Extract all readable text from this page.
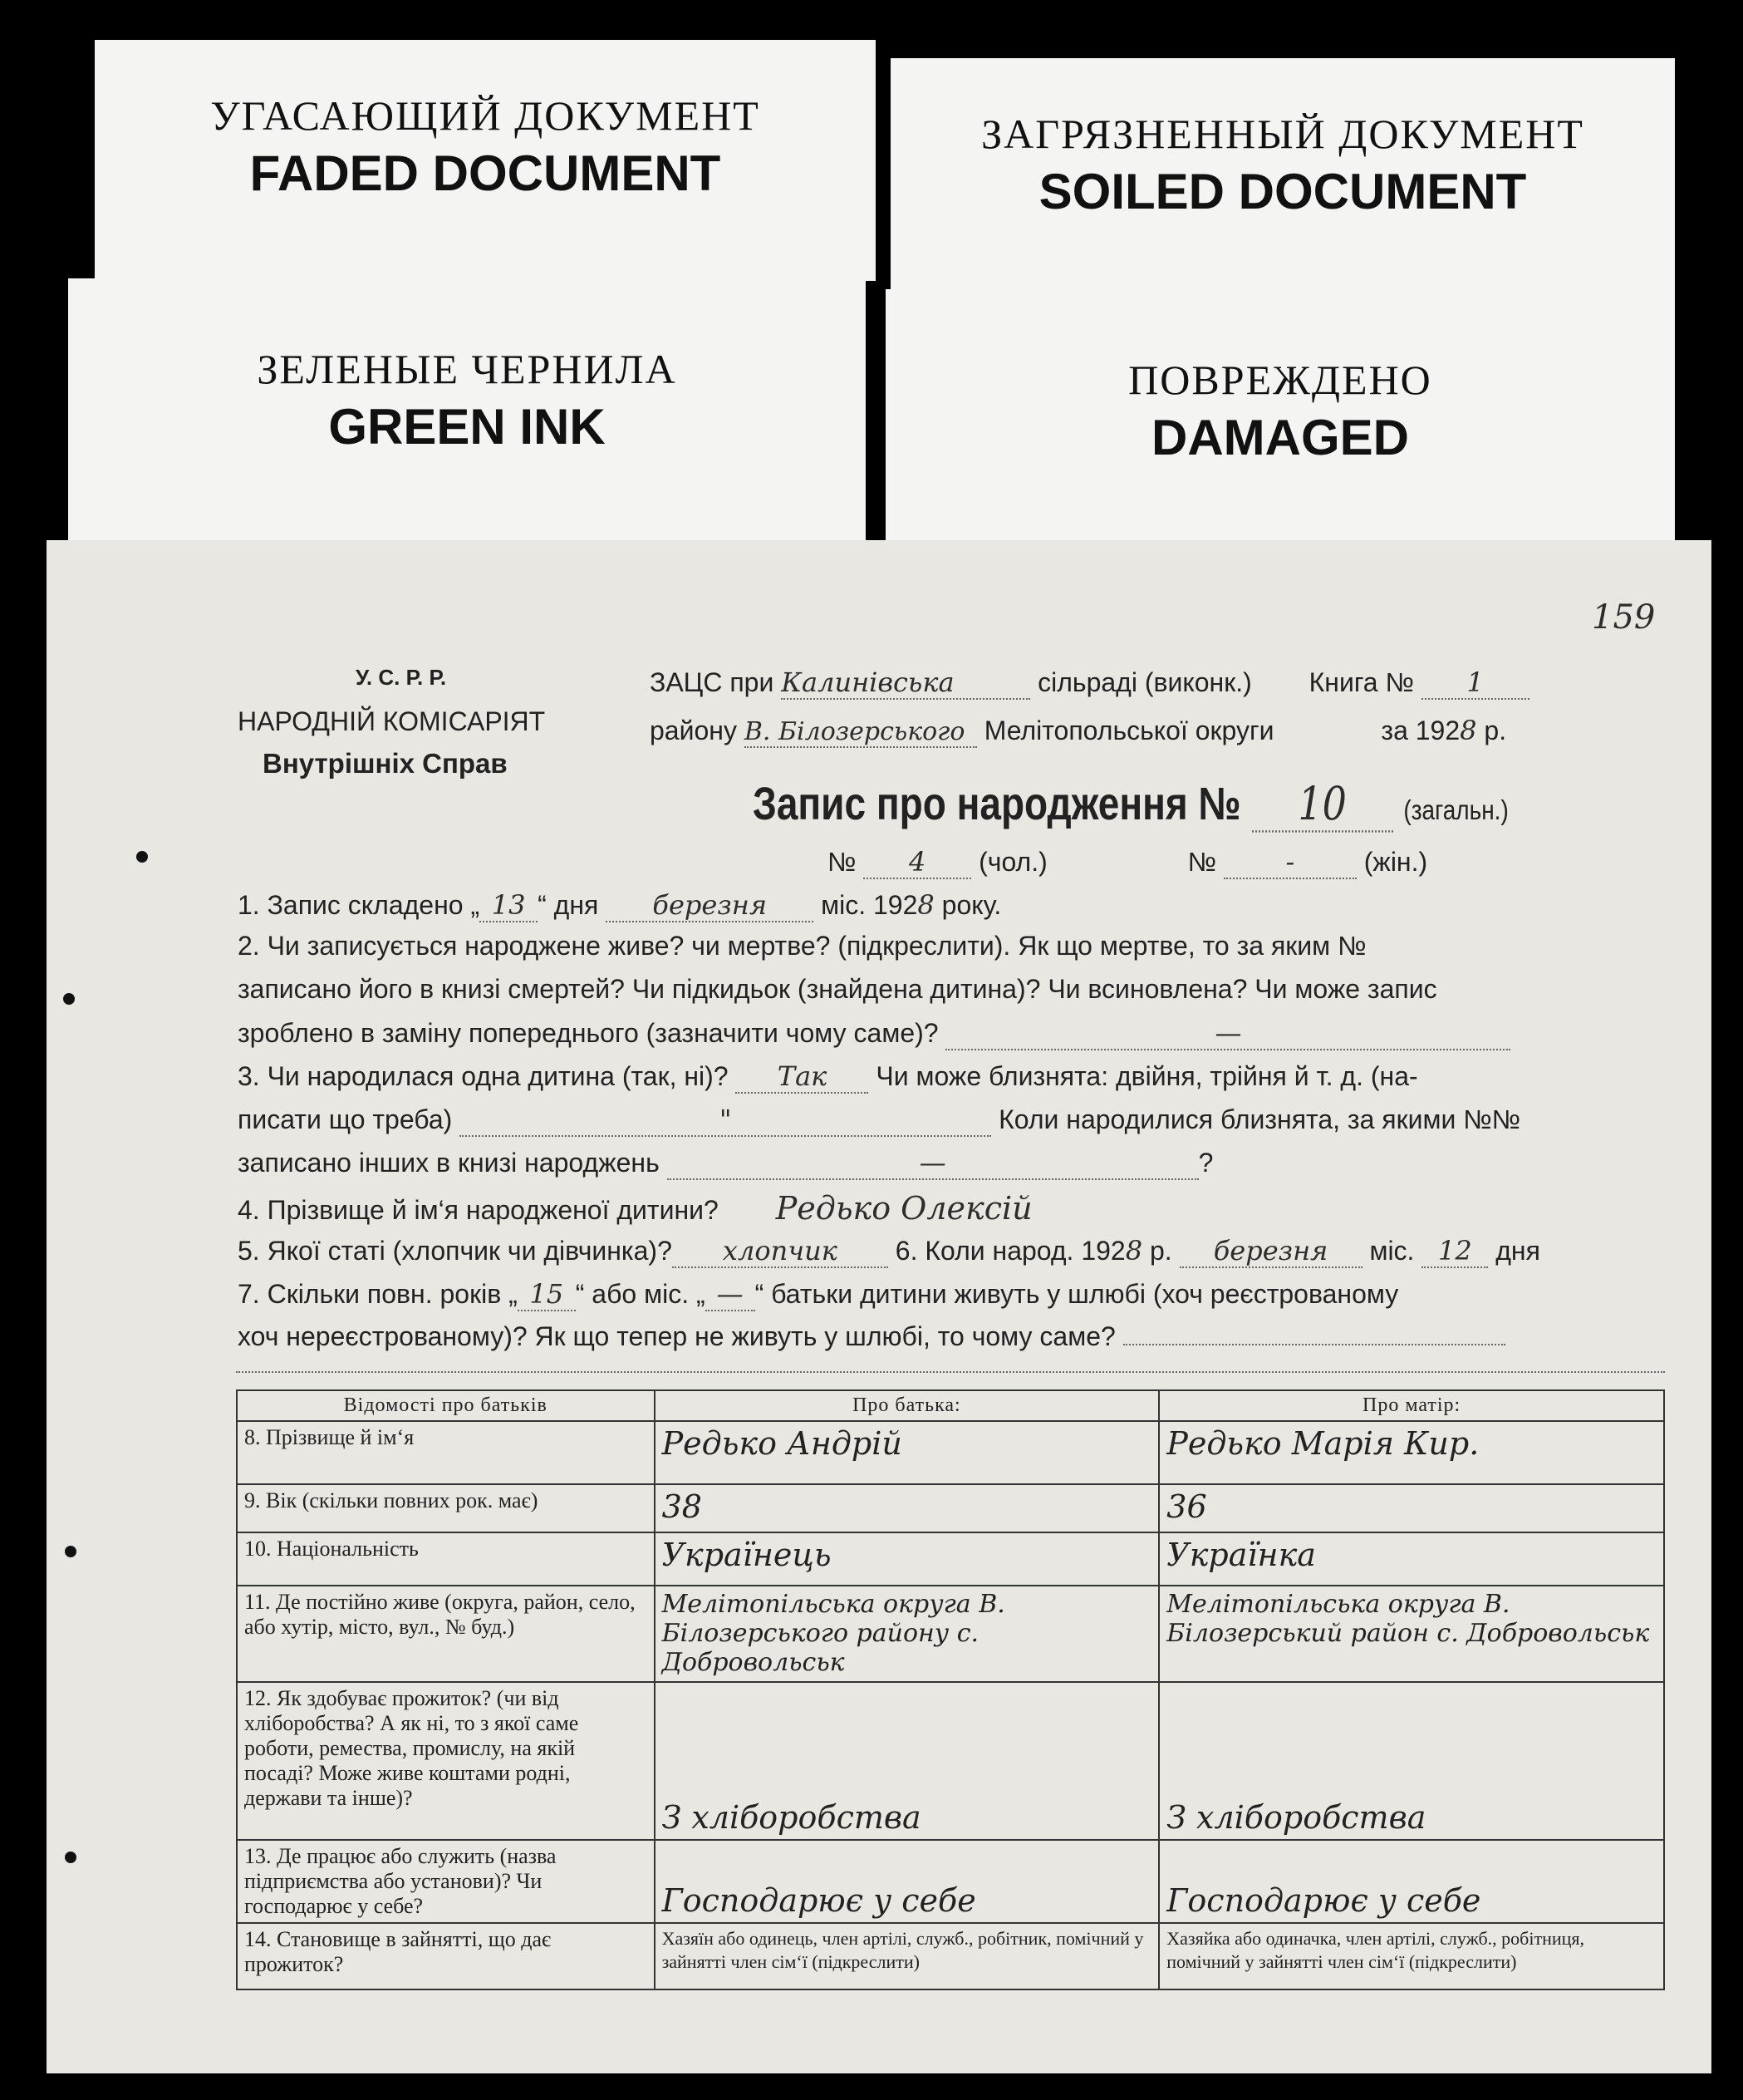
УГАСАЮЩИЙ ДОКУМЕНТ
FADED DOCUMENT
ЗАГРЯЗНЕННЫЙ ДОКУМЕНТ
SOILED DOCUMENT
ЗЕЛЕНЫЕ ЧЕРНИЛА
GREEN INK
ПОВРЕЖДЕНО
DAMAGED
У. С. Р. Р.
НАРОДНІЙ КОМІСАРІЯТ
Внутрішніх Справ
ЗАЦС при Калинівська	сільраді (виконк.) Книга № 1
159
району В. Білозерського Мелітопольської округи	за 1928 р.
Запис про народження № 10 (загальн.)
№ 4 (чол.)	№	-	(жін.)
1. Запис складено „ 13 “ дня березня міс. 1928 року.
2. Чи записується народжене живе? чи мертве? (підкреслити). Як що мертве, то за яким №
записано його в книзі смертей? Чи підкидьок (знайдена дитина)? Чи всиновлена? Чи може запис
зроблено в заміну попереднього (зазначити чому саме)?	—
3. Чи народилася одна дитина (так, ні)? Так Чи може близнята: двійня, трійня й т. д. (на-
писати що треба)	"	Коли народилися близнята, за якими №№
записано інших в книзі народжень	—	?
4. Прізвище й ім‘я народженої дитини? Редько Олексій
5. Якої статі (хлопчик чи дівчинка)? хлопчик 6. Коли народ. 1928 р. березня міс. 12 дня
7. Скільки повн. років „ 15 “ або міс. „ — “ батьки дитини живуть у шлюбі (хоч реєстрованому
хоч нереєстрованому)? Як що тепер не живуть у шлюбі, то чому саме?
Відомості про батьків	Про батька:	Про матір:
8. Прізвище й ім‘я	Редько Андрій	Редько Марія Кир.
9. Вік (скільки повних рок. має)	38	36
10. Національність	Українець	Українка
11. Де постійно живе (округа, район, село, або хутір, місто, вул., № буд.)	Мелітопільська округа В. Білозерського району с. Добровольськ	Мелітопільська округа В. Білозерський район с. Добровольськ
12. Як здобуває прожиток? (чи від хліборобства? А як ні, то з якої саме роботи, ремества, промислу, на якій посаді? Може живе коштами родні, держави та інше)?	З хліборобства	З хліборобства
13. Де працює або служить (назва підприємства або установи)? Чи господарює у себе?	Господарює у себе	Господарює у себе
14. Становище в зайнятті, що дає прожиток?	Хазяїн або одинець, член артілі, служб., робітник, помічний у зайнятті член сім‘ї (підкреслити)	Хазяйка або одиначка, член артілі, служб., робітниця, помічний у зайнятті член сім‘ї (підкреслити)
